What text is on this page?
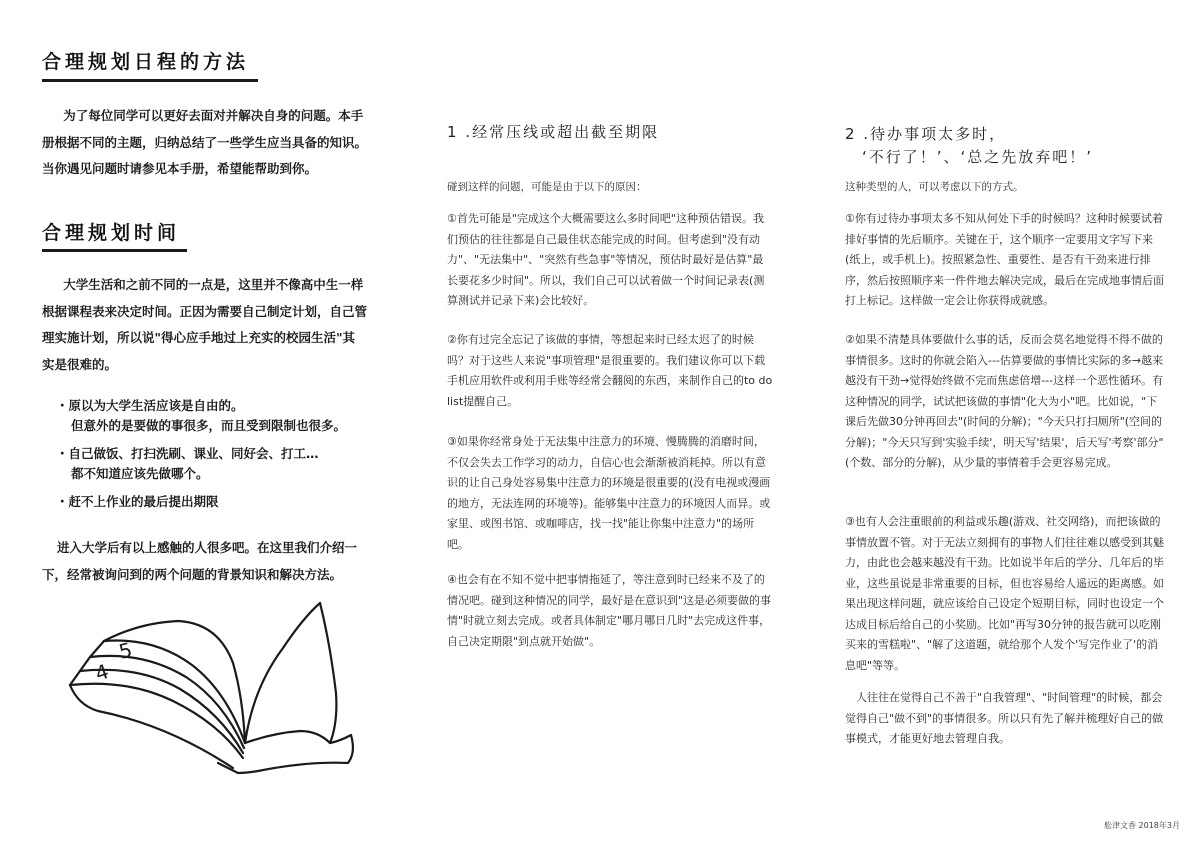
合理规划日程的方法
为了每位同学可以更好去面对并解决自身的问题。本手册根据不同的主题，归纳总结了一些学生应当具备的知识。当你遇见问题时请参见本手册，希望能帮助到你。
合理规划时间
大学生活和之前不同的一点是，这里并不像高中生一样根据课程表来决定时间。正因为需要自己制定计划，自己管理实施计划，所以说"得心应手地过上充实的校园生活"其实是很难的。
・原以为大学生活应该是自由的。
但意外的是要做的事很多，而且受到限制也很多。
・自己做饭、打扫洗刷、课业、同好会、打工…
都不知道应该先做哪个。
・赶不上作业的最后提出期限
进入大学后有以上感触的人很多吧。在这里我们介绍一下，经常被询问到的两个问题的背景知识和解决方法。
4
5
1 .经常压线或超出截至期限
碰到这样的问题，可能是由于以下的原因：
①首先可能是"完成这个大概需要这么多时间吧"这种预估错误。我们预估的往往都是自己最佳状态能完成的时间。但考虑到"没有动力"、"无法集中"、"突然有些急事"等情况，预估时最好是估算"最长要花多少时间"。所以，我们自己可以试着做一个时间记录表(测算测试并记录下来)会比较好。
②你有过完全忘记了该做的事情，等想起来时已经太迟了的时候吗？对于这些人来说"事项管理"是很重要的。我们建议你可以下载手机应用软件或利用手账等经常会翻阅的东西，来制作自己的to do list提醒自己。
③如果你经常身处于无法集中注意力的环境、慢腾腾的消磨时间，不仅会失去工作学习的动力，自信心也会渐渐被消耗掉。所以有意识的让自己身处容易集中注意力的环境是很重要的(没有电视或漫画的地方，无法连网的环境等)。能够集中注意力的环境因人而异。或家里、或图书馆、或咖啡店，找一找"能让你集中注意力"的场所吧。
④也会有在不知不觉中把事情拖延了，等注意到时已经来不及了的情况吧。碰到这种情况的同学，最好是在意识到"这是必须要做的事情"时就立刻去完成。或者具体制定"哪月哪日几时"去完成这件事，自己决定期限"到点就开始做"。
2 .待办事项太多时，
‘不行了！’、‘总之先放弃吧！’
这种类型的人，可以考虑以下的方式。
①你有过待办事项太多不知从何处下手的时候吗？这种时候要试着排好事情的先后顺序。关键在于，这个顺序一定要用文字写下来(纸上，或手机上)。按照紧急性、重要性、是否有干劲来进行排序，然后按照顺序来一件件地去解决完成，最后在完成地事情后面打上标记。这样做一定会让你获得成就感。
②如果不清楚具体要做什么事的话，反而会莫名地觉得不得不做的事情很多。这时的你就会陷入---估算要做的事情比实际的多→越来越没有干劲→觉得始终做不完而焦虑倍增---这样一个恶性循环。有这种情况的同学，试试把该做的事情"化大为小"吧。比如说，"下课后先做30分钟再回去"(时间的分解)；"今天只打扫厕所"(空间的分解)；"今天只写到'实验手续'，明天写'结果'，后天写'考察'部分"(个数、部分的分解)，从少量的事情着手会更容易完成。
③也有人会注重眼前的利益或乐趣(游戏、社交网络)，而把该做的事情放置不管。对于无法立刻拥有的事物人们往往难以感受到其魅力，由此也会越来越没有干劲。比如说半年后的学分、几年后的毕业，这些虽说是非常重要的目标，但也容易给人遥远的距离感。如果出现这样问题，就应该给自己设定个短期目标，同时也设定一个达成目标后给自己的小奖励。比如"再写30分钟的报告就可以吃刚买来的雪糕啦"、"解了这道题，就给那个人发个'写完作业了'的消息吧"等等。
人往往在觉得自己不善于"自我管理"、"时间管理"的时候，都会觉得自己"做不到"的事情很多。所以只有先了解并梳理好自己的做事模式，才能更好地去管理自我。
舩津文香 2018年3月
